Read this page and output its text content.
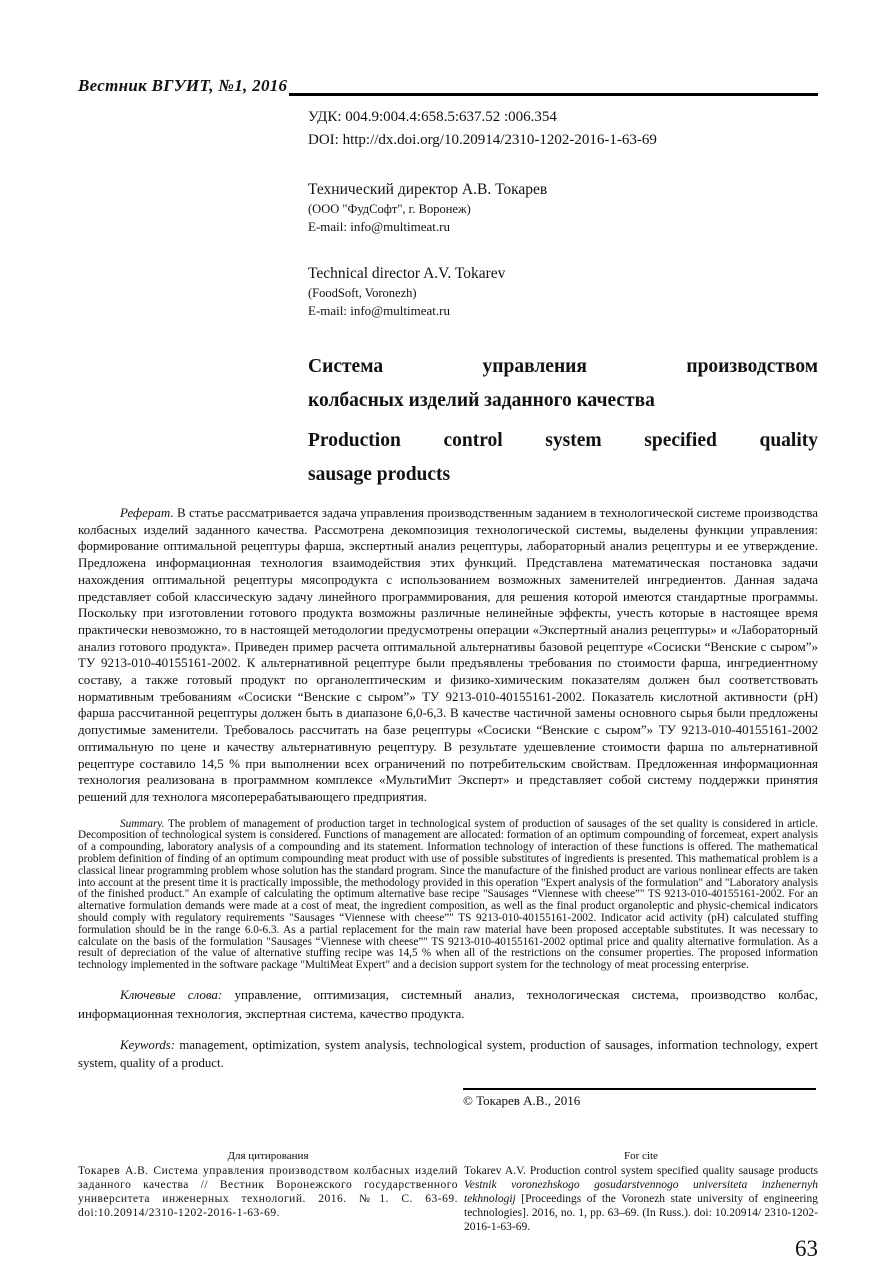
Вестник ВГУИТ, №1, 2016
УДК: 004.9:004.4:658.5:637.52 :006.354
DOI: http://dx.doi.org/10.20914/2310-1202-2016-1-63-69
Технический директор А.В. Токарев
(ООО "ФудСофт", г. Воронеж)
E-mail: info@multimeat.ru
Technical director A.V. Tokarev
(FoodSoft, Voronezh)
E-mail: info@multimeat.ru
Система управления производством
колбасных изделий заданного качества
Production control system specified quality
sausage products

Реферат. В статье рассматривается задача управления производственным заданием в технологической системе производства колбасных изделий заданного качества. Рассмотрена декомпозиция технологической системы, выделены функции управления: формирование оптимальной рецептуры фарша, экспертный анализ рецептуры, лабораторный анализ рецептуры и ее утверждение. Предложена информационная технология взаимодействия этих функций. Представлена математическая постановка задачи нахождения оптимальной рецептуры мясопродукта с использованием возможных заменителей ингредиентов. Данная задача представляет собой классическую задачу линейного программирования, для решения которой имеются стандартные программы. Поскольку при изготовлении готового продукта возможны различные нелинейные эффекты, учесть которые в настоящее время практически невозможно, то в настоящей методологии предусмотрены операции «Экспертный анализ рецептуры» и «Лабораторный анализ готового продукта». Приведен пример расчета оптимальной альтернативы базовой рецептуре «Сосиски “Венские с сыром”» ТУ 9213-010-40155161-2002. К альтернативной рецептуре были предъявлены требования по стоимости фарша, ингредиентному составу, а также готовый продукт по органолептическим и физико-химическим показателям должен был соответствовать нормативным требованиям «Сосиски “Венские с сыром”» ТУ 9213-010-40155161-2002. Показатель кислотной активности (pH) фарша рассчитанной рецептуры должен быть в диапазоне 6,0-6,3. В качестве частичной замены основного сырья были предложены допустимые заменители. Требовалось рассчитать на базе рецептуры «Сосиски “Венские с сыром”» ТУ 9213-010-40155161-2002 оптимальную по цене и качеству альтернативную рецептуру. В результате удешевление стоимости фарша по альтернативной рецептуре составило 14,5 % при выполнении всех ограничений по потребительским свойствам. Предложенная информационная технология реализована в программном комплексе «МультиМит Эксперт» и представляет собой систему поддержки принятия решений для технолога мясоперерабатывающего предприятия.

Summary. The problem of management of production target in technological system of production of sausages of the set quality is considered in article. Decomposition of technological system is considered. Functions of management are allocated: formation of an optimum compounding of forcemeat, expert analysis of a compounding, laboratory analysis of a compounding and its statement. Information technology of interaction of these functions is offered. The mathematical problem definition of finding of an optimum compounding meat product with use of possible substitutes of ingredients is presented. This mathematical problem is a classical linear programming problem whose solution has the standard program. Since the manufacture of the finished product are various nonlinear effects are taken into account at the present time it is practically impossible, the methodology provided in this operation "Expert analysis of the formulation" and "Laboratory analysis of the finished product." An example of calculating the optimum alternative base recipe "Sausages “Viennese with cheese”" TS 9213-010-40155161-2002. For an alternative formulation demands were made at a cost of meat, the ingredient composition, as well as the final product organoleptic and physic-chemical indicators should comply with regulatory requirements "Sausages “Viennese with cheese”" TS 9213-010-40155161-2002. Indicator acid activity (pH) calculated stuffing formulation should be in the range 6.0-6.3. As a partial replacement for the main raw material have been proposed acceptable substitutes. It was necessary to calculate on the basis of the formulation "Sausages “Viennese with cheese”" TS 9213-010-40155161-2002 optimal price and quality alternative formulation. As a result of depreciation of the value of alternative stuffing recipe was 14,5 % when all of the restrictions on the consumer properties. The proposed information technology implemented in the software package "MultiMeat Expert" and a decision support system for the technology of meat processing enterprise.

Ключевые слова: управление, оптимизация, системный анализ, технологическая система, производство колбас, информационная технология, экспертная система, качество продукта.

Keywords: management, optimization, system analysis, technological system, production of sausages, information technology, expert system, quality of a product.

© Токарев А.В., 2016
Для цитирования
Токарев А.В. Система управления производством колбасных изделий заданного качества // Вестник Воронежского государственного университета инженерных технологий. 2016. №1. С. 63-69. doi:10.20914/2310-1202-2016-1-63-69.
For cite
Tokarev A.V. Production control system specified quality sausage products Vestnik voronezhskogo gosudarstvennogo universiteta inzhenernyh tekhnologij [Proceedings of the Voronezh state university of engineering technologies]. 2016, no. 1, pp. 63–69. (In Russ.). doi: 10.20914/ 2310-1202-2016-1-63-69.
63
